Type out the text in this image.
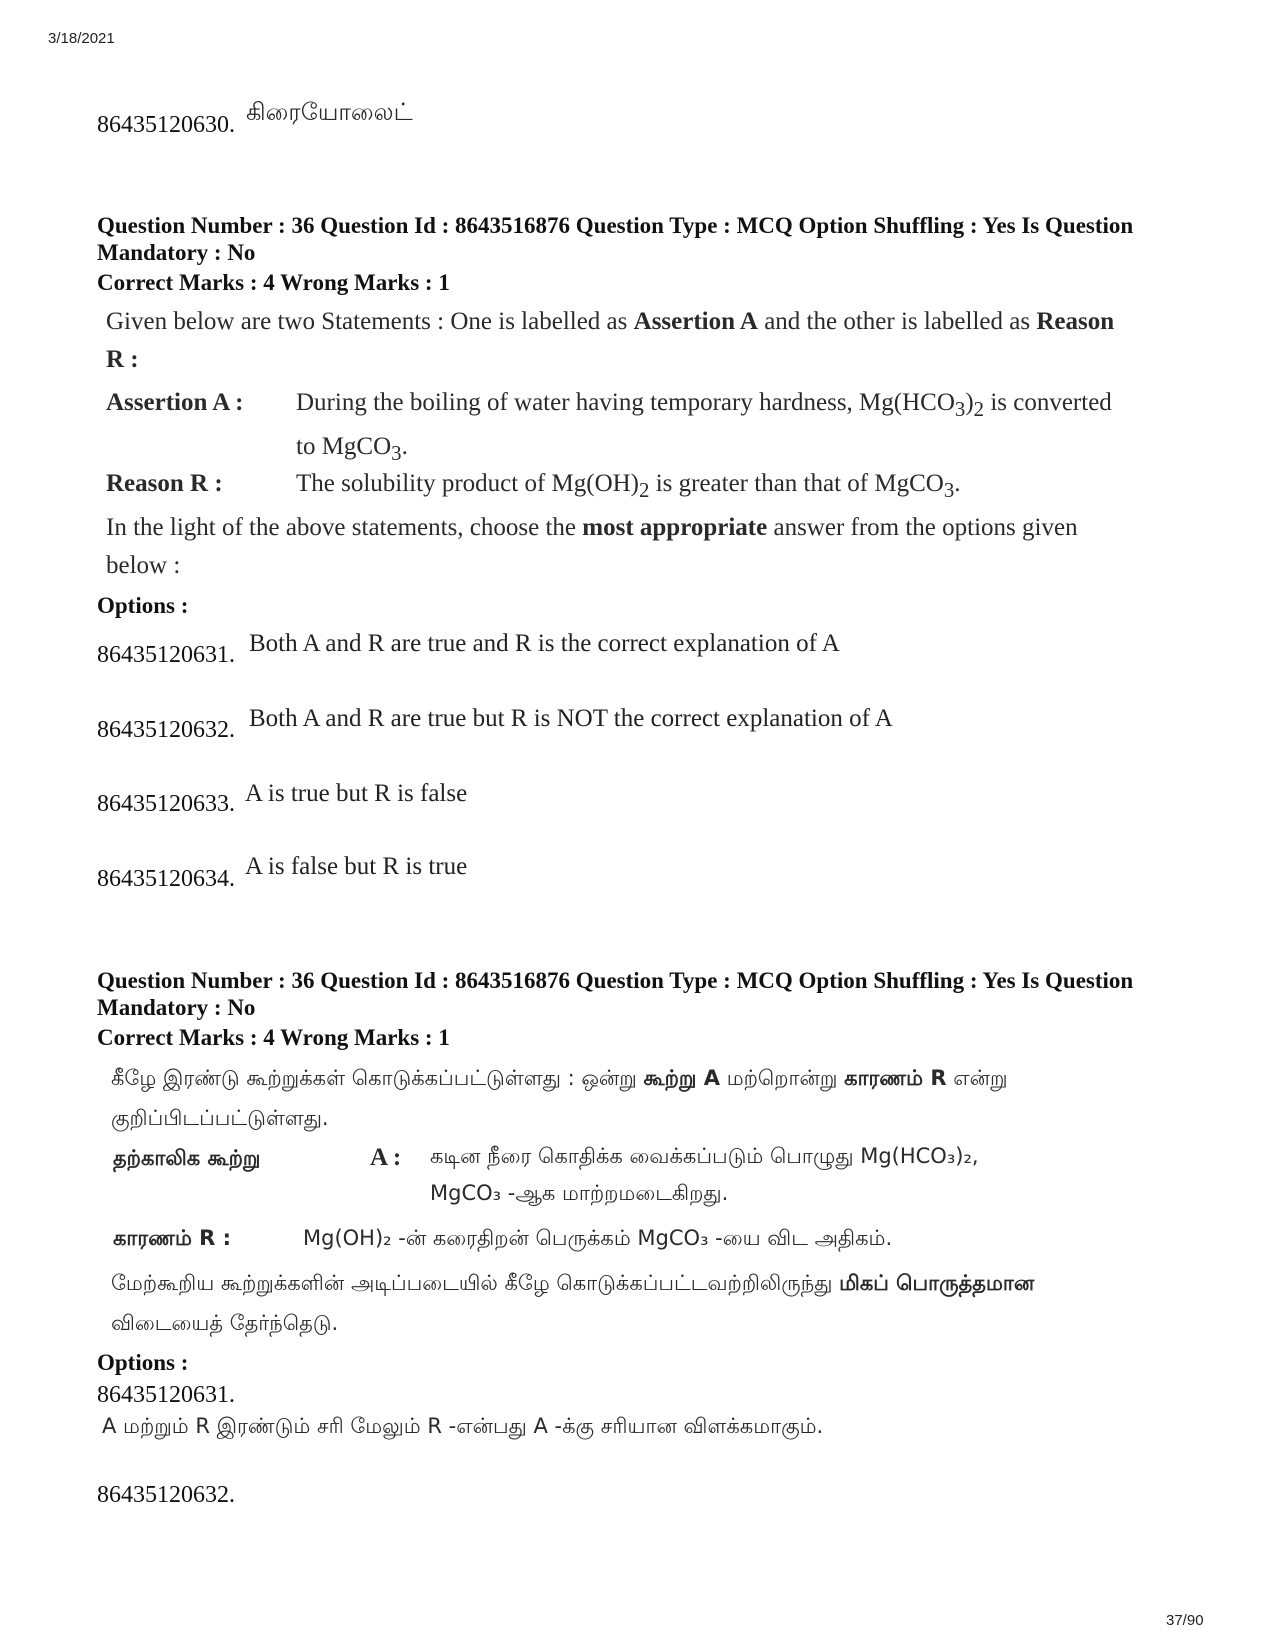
3/18/2021
86435120630. கிரையோலைட்
Question Number : 36 Question Id : 8643516876 Question Type : MCQ Option Shuffling : Yes Is Question Mandatory : No
Correct Marks : 4 Wrong Marks : 1
Given below are two Statements : One is labelled as Assertion A and the other is labelled as Reason R :
Assertion A : During the boiling of water having temporary hardness, $Mg(HCO_3)_2$ is converted to MgCO$_3$.
Reason R :	The solubility product of $Mg(OH)_2$ is greater than that of MgCO$_3$.
In the light of the above statements, choose the most appropriate answer from the options given below :
Options :
86435120631. Both A and R are true and R is the correct explanation of A
86435120632. Both A and R are true but R is NOT the correct explanation of A
86435120633. A is true but R is false
86435120634. A is false but R is true
Question Number : 36 Question Id : 8643516876 Question Type : MCQ Option Shuffling : Yes Is Question Mandatory : No
Correct Marks : 4 Wrong Marks : 1
கீழே இரண்டு கூற்றுக்கள் கொடுக்கப்பட்டுள்ளது : ஒன்று கூற்று A மற்றொன்று காரணம் R என்று குறிப்பிடப்பட்டுள்ளது.
தற்காலிக கூற்று	A : கடின நீரை கொதிக்க வைக்கப்படும் பொழுது Mg(HCO₃)₂,
MgCO₃ -ஆக மாற்றமடைகிறது.
காரணம் R :	Mg(OH)₂ -ன் கரைதிறன் பெருக்கம் MgCO₃ -யை விட அதிகம்.
மேற்கூறிய கூற்றுக்களின் அடிப்படையில் கீழே கொடுக்கப்பட்டவற்றிலிருந்து மிகப் பொருத்தமான விடையைத் தேர்ந்தெடு.
Options :
86435120631.
A மற்றும் R இரண்டும் சரி மேலும் R -என்பது A -க்கு சரியான விளக்கமாகும்.
86435120632.
37/90
